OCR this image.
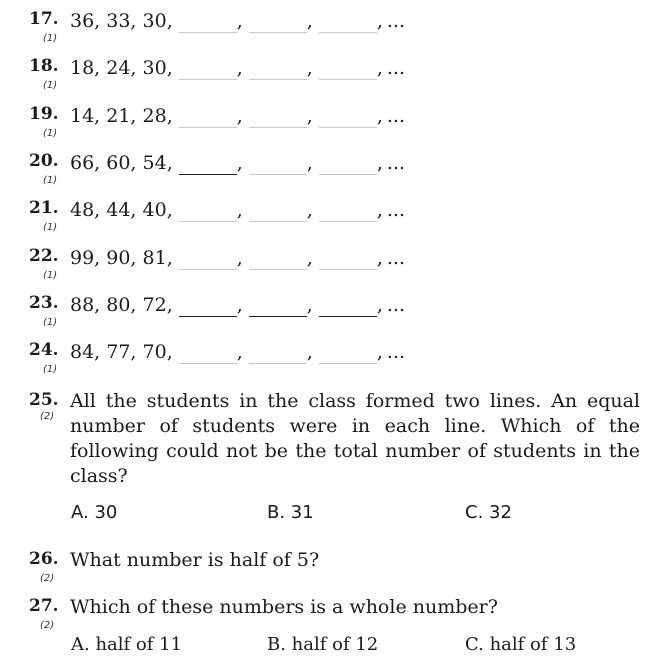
17.
(1)
36, 33, 30,	,	,	, ...
18.
(1)
18, 24, 30,	,	,	, ...
19.
(1)
14, 21, 28,	,	,	, ...
20.
(1)
66, 60, 54,	,	,	, ...
21.
(1)
48, 44, 40,	,	,	, ...
22.
(1)
99, 90, 81,	,	,	, ...
23.
(1)
88, 80, 72,	,	,	, ...
24.
(1)
84, 77, 70,	,	,	, ...
25.
(2)
All the students in the class formed two lines. An equal number of students were in each line. Which of the following could not be the total number of students in the class?
A. 30	B. 31	C. 32
26.
(2)
What number is half of 5?
27.
(2)
Which of these numbers is a whole number?
A. half of 11	B. half of 12	C. half of 13
